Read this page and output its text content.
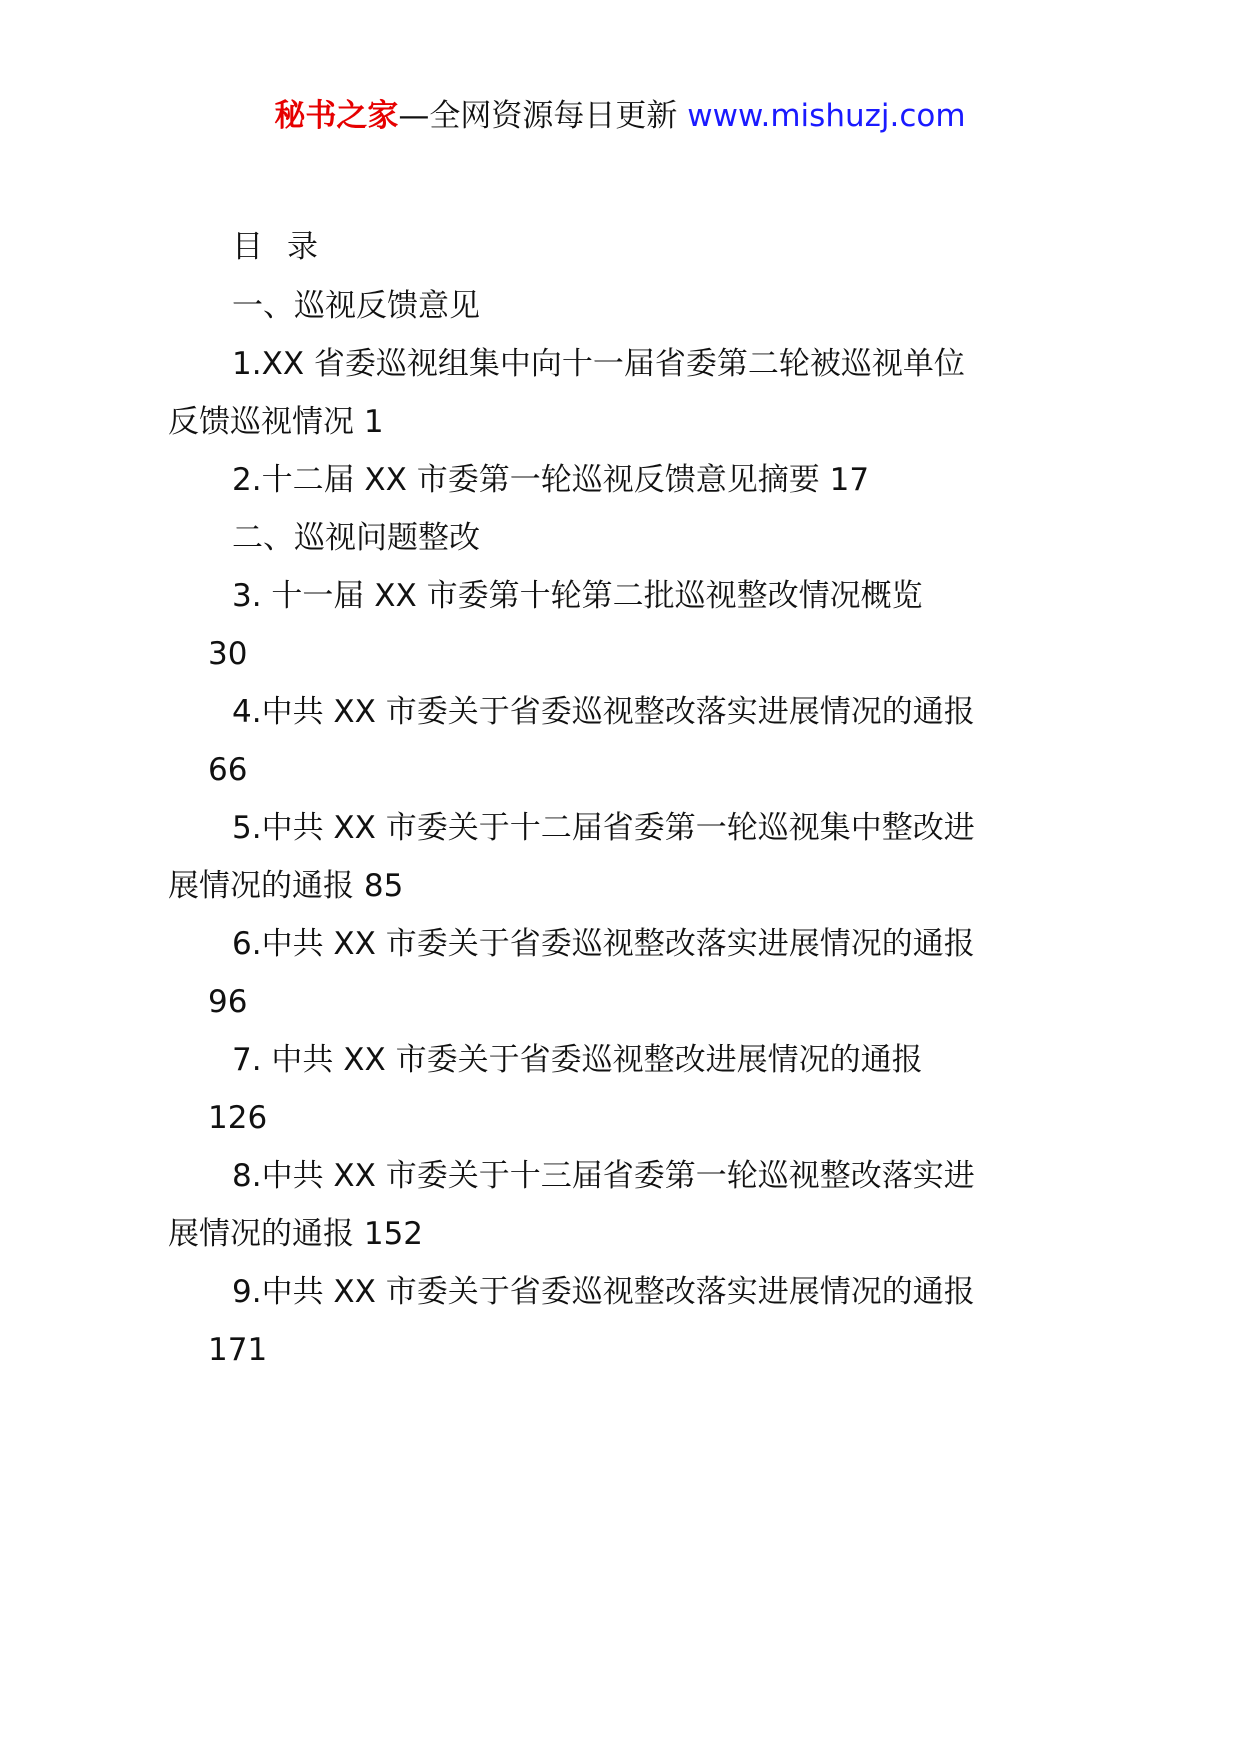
秘书之家—全网资源每日更新 www.mishuzj.com
目 录
一、巡视反馈意见
1.XX 省委巡视组集中向十一届省委第二轮被巡视单位
反馈巡视情况 1
2.十二届 XX 市委第一轮巡视反馈意见摘要 17
二、巡视问题整改
3. 十一届 XX 市委第十轮第二批巡视整改情况概览
30
4.中共 XX 市委关于省委巡视整改落实进展情况的通报
66
5.中共 XX 市委关于十二届省委第一轮巡视集中整改进
展情况的通报 85
6.中共 XX 市委关于省委巡视整改落实进展情况的通报
96
7. 中共 XX 市委关于省委巡视整改进展情况的通报
126
8.中共 XX 市委关于十三届省委第一轮巡视整改落实进
展情况的通报 152
9.中共 XX 市委关于省委巡视整改落实进展情况的通报
171
